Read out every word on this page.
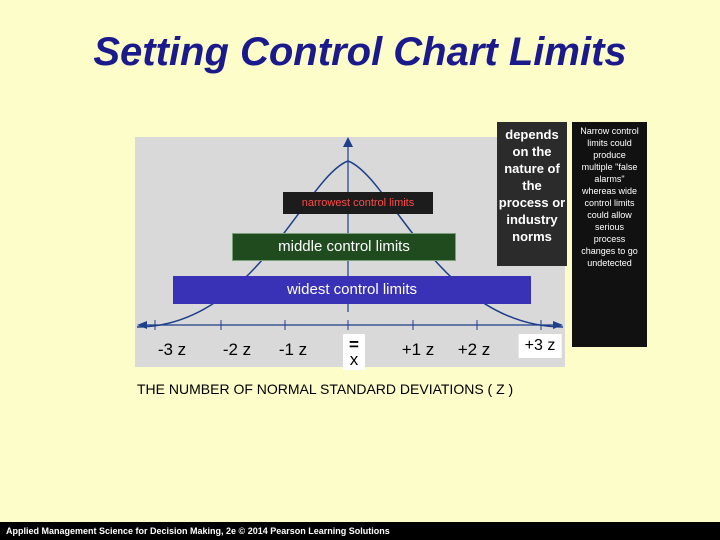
Setting Control Chart Limits
narrowest control limits
middle control limits
widest control limits
-3 z -2 z -1 z	=
x
+1 z +2 z	+3 z
THE NUMBER OF NORMAL STANDARD DEVIATIONS ( Z )
depends on the nature of the process or industry norms
Narrow control limits could produce multiple "false alarms" whereas wide control limits could allow serious process changes to go undetected
Applied Management Science for Decision Making, 2e © 2014 Pearson Learning Solutions
